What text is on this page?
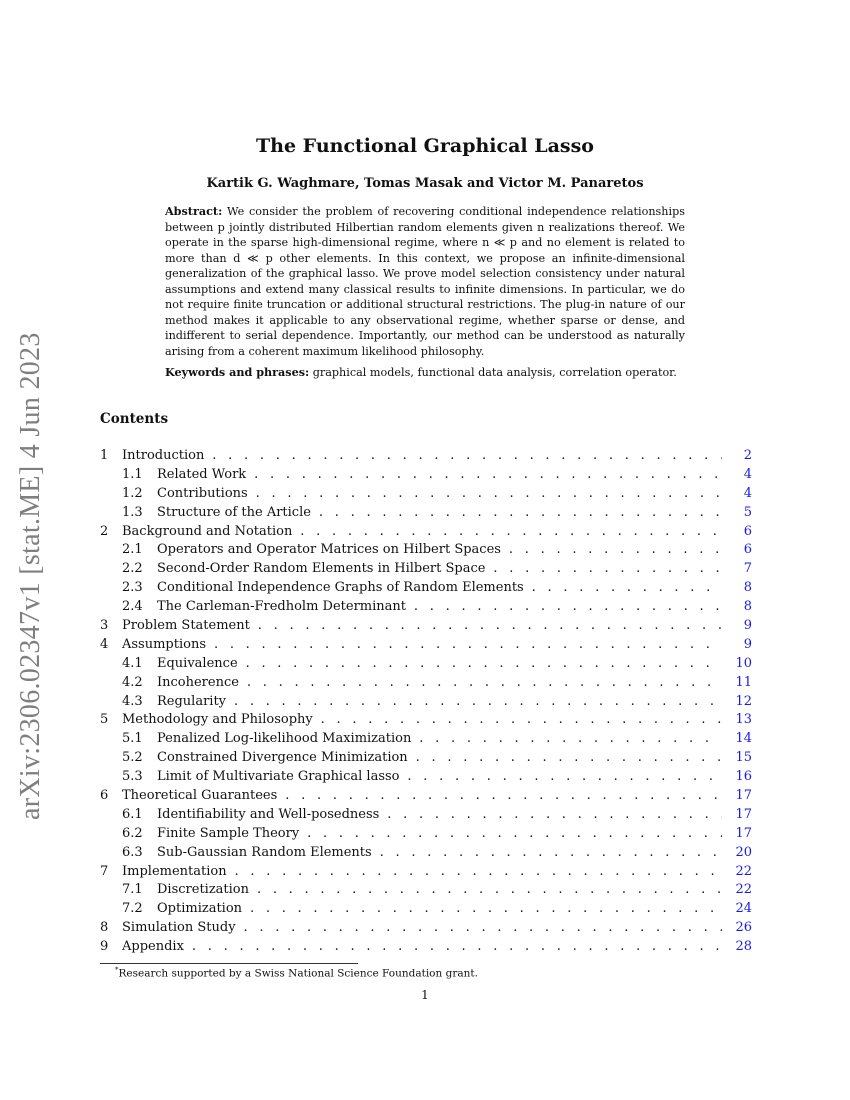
arXiv:2306.02347v1 [stat.ME] 4 Jun 2023
The Functional Graphical Lasso
Kartik G. Waghmare, Tomas Masak and Victor M. Panaretos
Abstract: We consider the problem of recovering conditional independence relationships between p jointly distributed Hilbertian random elements given n realizations thereof. We operate in the sparse high-dimensional regime, where n ≪ p and no element is related to more than d ≪ p other elements. In this context, we propose an infinite-dimensional generalization of the graphical lasso. We prove model selection consistency under natural assumptions and extend many classical results to infinite dimensions. In particular, we do not require finite truncation or additional structural restrictions. The plug-in nature of our method makes it applicable to any observational regime, whether sparse or dense, and indifferent to serial dependence. Importantly, our method can be understood as naturally arising from a coherent maximum likelihood philosophy.
Keywords and phrases: graphical models, functional data analysis, correlation operator.
Contents
1 Introduction . . .	2
1.1 Related Work . . .	4
1.2 Contributions . . .	4
1.3 Structure of the Article . . .	5
2 Background and Notation . . .	6
2.1 Operators and Operator Matrices on Hilbert Spaces . . .	6
2.2 Second-Order Random Elements in Hilbert Space . . .	7
2.3 Conditional Independence Graphs of Random Elements . . .	8
2.4 The Carleman-Fredholm Determinant . . .	8
3 Problem Statement . . .	9
4 Assumptions . . .	9
4.1 Equivalence . . .	10
4.2 Incoherence . . .	11
4.3 Regularity . . .	12
5 Methodology and Philosophy . . .	13
5.1 Penalized Log-likelihood Maximization . . .	14
5.2 Constrained Divergence Minimization . . .	15
5.3 Limit of Multivariate Graphical lasso . . .	16
6 Theoretical Guarantees . . .	17
6.1 Identifiability and Well-posedness . . .	17
6.2 Finite Sample Theory . . .	17
6.3 Sub-Gaussian Random Elements . . .	20
7 Implementation . . .	22
7.1 Discretization . . .	22
7.2 Optimization . . .	24
8 Simulation Study . . .	26
9 Appendix . . .	28
*Research supported by a Swiss National Science Foundation grant.
1
